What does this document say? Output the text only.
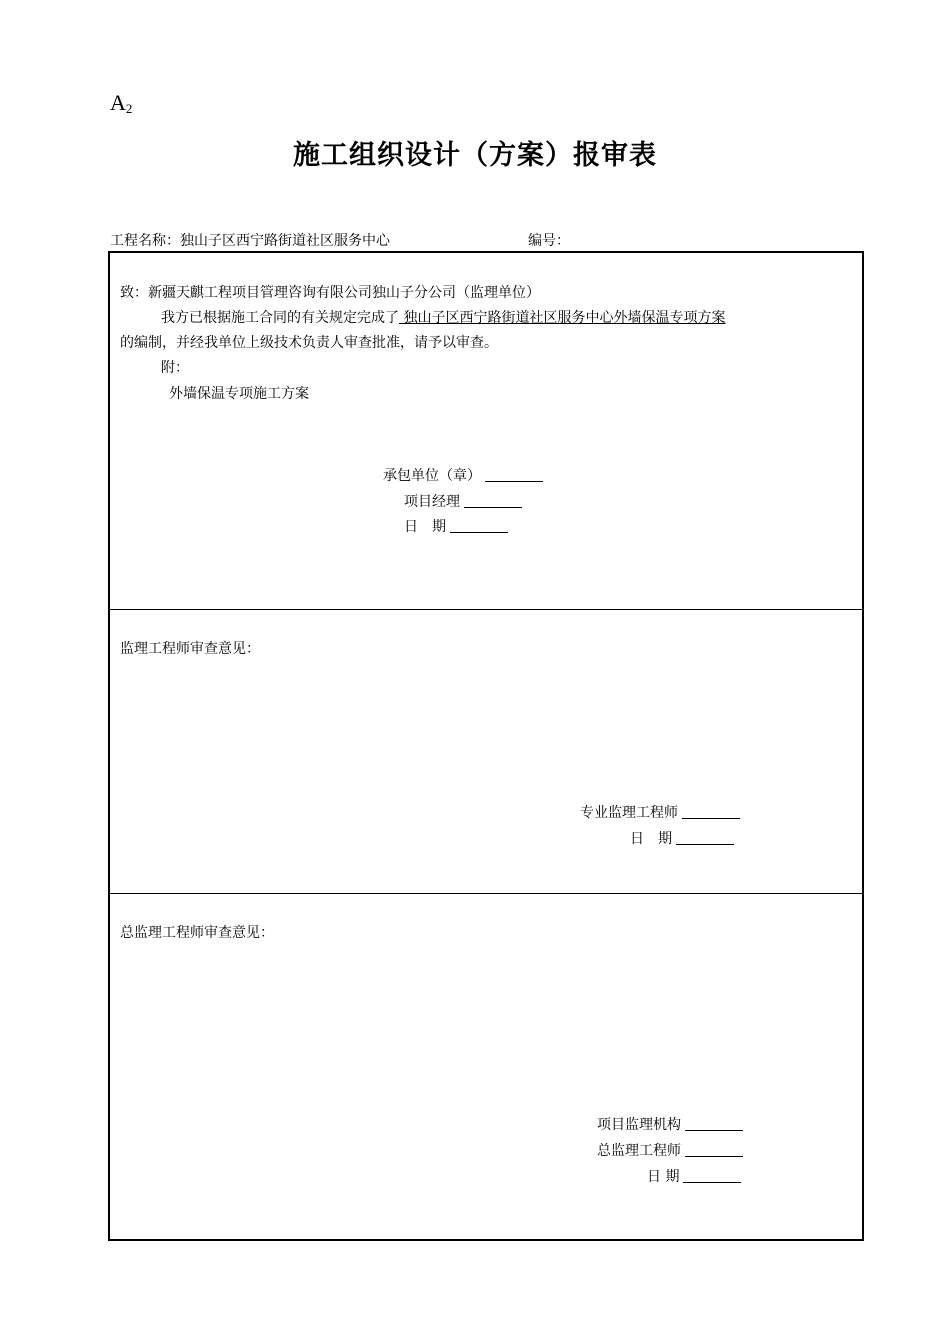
$A_2$
施工组织设计（方案）报审表
工程名称：独山子区西宁路街道社区服务中心	编号：
致：新疆天麒工程项目管理咨询有限公司独山子分公司（监理单位）
我方已根据施工合同的有关规定完成了 独山子区西宁路街道社区服务中心外墙保温专项方案
的编制，并经我单位上级技术负责人审查批准，请予以审查。
附：
外墙保温专项施工方案
承包单位（章）
项目经理
日　期
监理工程师审查意见：
专业监理工程师
日　期
总监理工程师审查意见：
项目监理机构
总监理工程师
日 期
